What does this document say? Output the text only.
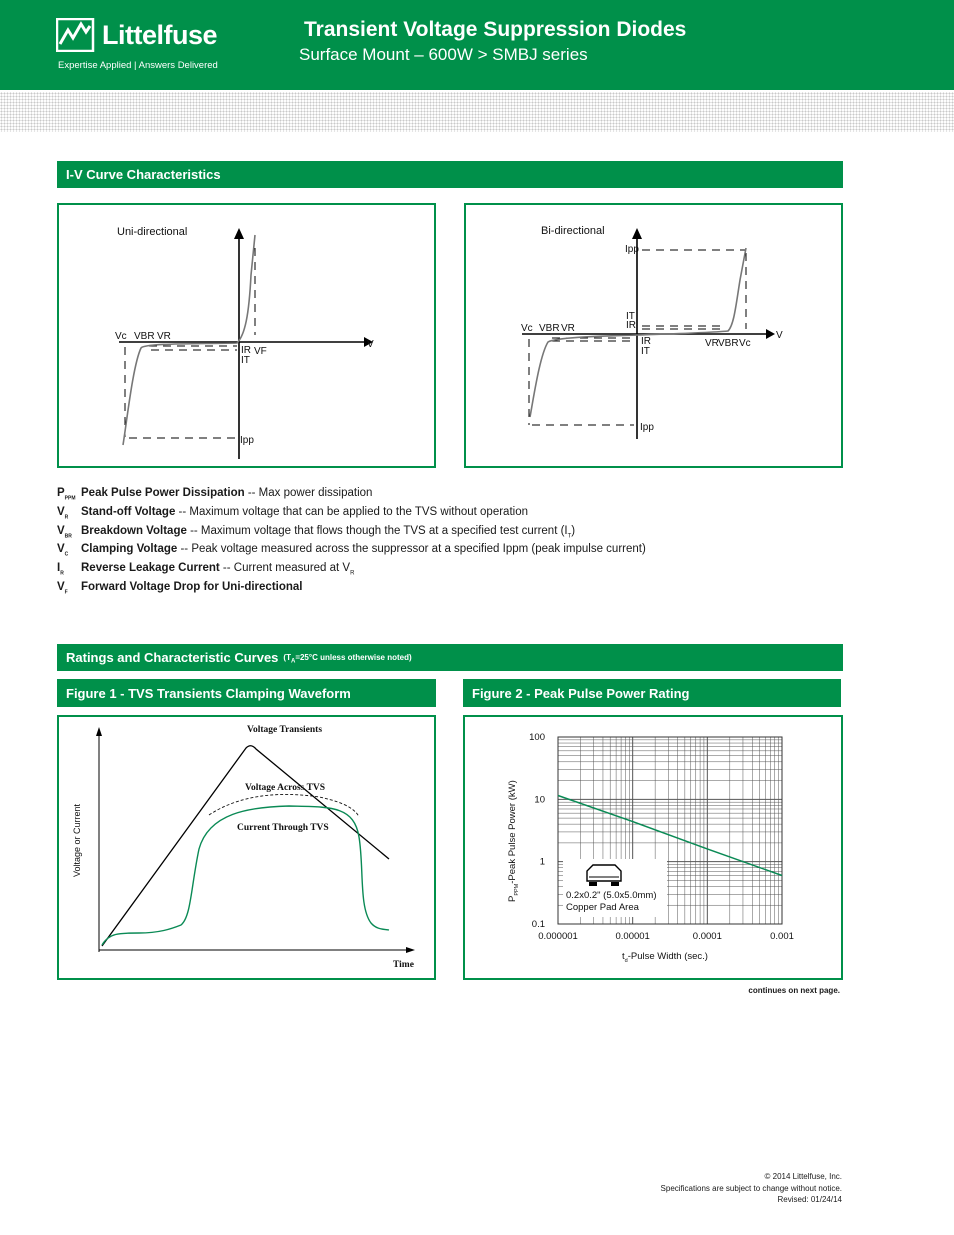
Littelfuse
Expertise Applied | Answers Delivered
Transient Voltage Suppression Diodes
Surface Mount – 600W > SMBJ series
I-V Curve Characteristics
Uni-directional
Vc VBR VR
V
IR VF
IT
Ipp
Bi-directional
Ipp
IT
IR
Vc VBR VR
V
IR
IT
VR VBR Vc
Ipp
$P_{PPM}$ Peak Pulse Power Dissipation -- Max power dissipation
$V_R$ Stand-off Voltage -- Maximum voltage that can be applied to the TVS without operation
$V_{BR}$ Breakdown Voltage -- Maximum voltage that flows though the TVS at a specified test current $(I_T)$
$V_C$ Clamping Voltage -- Peak voltage measured across the suppressor at a specified Ippm (peak impulse current)
$I_R$ Reverse Leakage Current -- Current measured at $V_R$
$V_F$ Forward Voltage Drop for Uni-directional
Ratings and Characteristic Curves ($T_A=25^\circ C$ unless otherwise noted)
Figure 1 - TVS Transients Clamping Waveform	Figure 2 - Peak Pulse Power Rating
Voltage Transients
Voltage Across TVS
Current Through TVS
Time
Voltage or Current
0.000001	0.00001	0.0001	0.001
100
10
1
0.1
0.2x0.2" (5.0x5.0mm)
Copper Pad Area
$P_{PPM}$-Peak Pulse Power (kW)
$t_d$-Pulse Width (sec.)
continues on next page.
© 2014 Littelfuse, Inc.
Specifications are subject to change without notice.
Revised: 01/24/14
